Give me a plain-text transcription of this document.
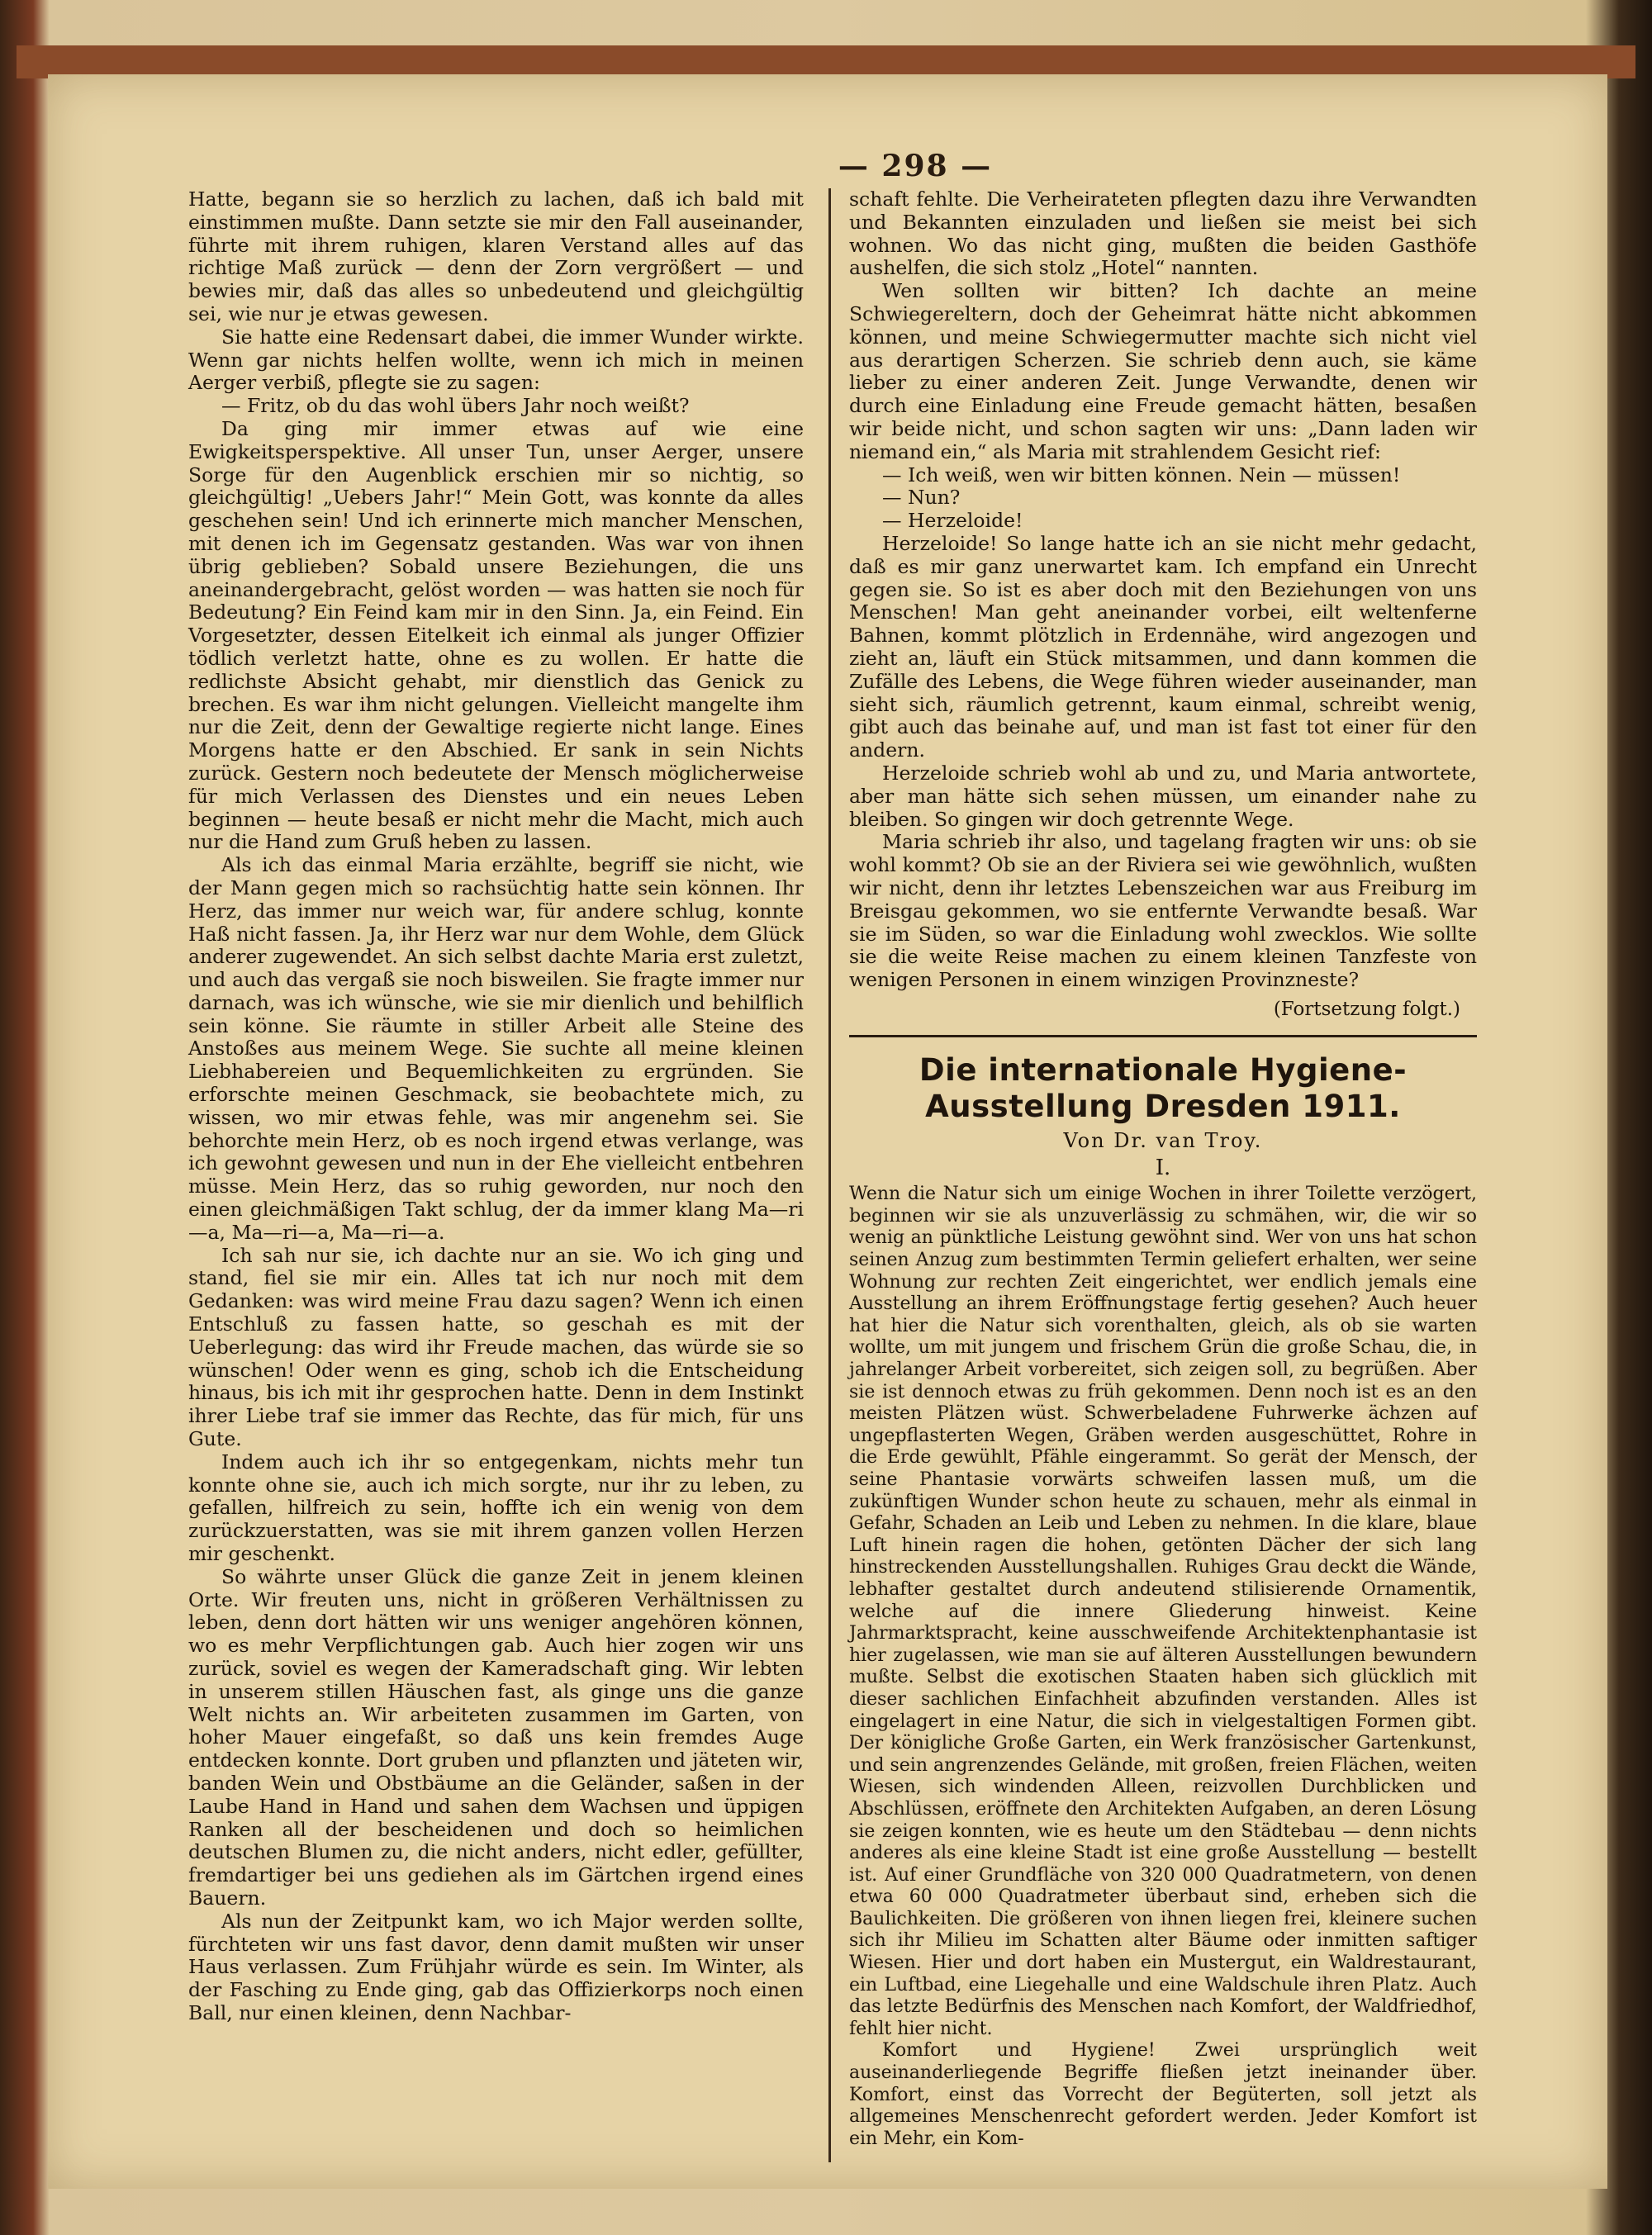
— 298 —

Hatte, begann sie so herzlich zu lachen, daß ich bald mit einstimmen mußte. Dann setzte sie mir den Fall auseinander, führte mit ihrem ruhigen, klaren Verstand alles auf das richtige Maß zurück — denn der Zorn vergrößert — und bewies mir, daß das alles so unbedeutend und gleichgültig sei, wie nur je etwas gewesen.

Sie hatte eine Redensart dabei, die immer Wunder wirkte. Wenn gar nichts helfen wollte, wenn ich mich in meinen Aerger verbiß, pflegte sie zu sagen:

— Fritz, ob du das wohl übers Jahr noch weißt?

Da ging mir immer etwas auf wie eine Ewigkeitsperspektive. All unser Tun, unser Aerger, unsere Sorge für den Augenblick erschien mir so nichtig, so gleichgültig! „Uebers Jahr!“ Mein Gott, was konnte da alles geschehen sein! Und ich erinnerte mich mancher Menschen, mit denen ich im Gegensatz gestanden. Was war von ihnen übrig geblieben? Sobald unsere Beziehungen, die uns aneinandergebracht, gelöst worden — was hatten sie noch für Bedeutung? Ein Feind kam mir in den Sinn. Ja, ein Feind. Ein Vorgesetzter, dessen Eitelkeit ich einmal als junger Offizier tödlich verletzt hatte, ohne es zu wollen. Er hatte die redlichste Absicht gehabt, mir dienstlich das Genick zu brechen. Es war ihm nicht gelungen. Vielleicht mangelte ihm nur die Zeit, denn der Gewaltige regierte nicht lange. Eines Morgens hatte er den Abschied. Er sank in sein Nichts zurück. Gestern noch bedeutete der Mensch möglicherweise für mich Verlassen des Dienstes und ein neues Leben beginnen — heute besaß er nicht mehr die Macht, mich auch nur die Hand zum Gruß heben zu lassen.

Als ich das einmal Maria erzählte, begriff sie nicht, wie der Mann gegen mich so rachsüchtig hatte sein können. Ihr Herz, das immer nur weich war, für andere schlug, konnte Haß nicht fassen. Ja, ihr Herz war nur dem Wohle, dem Glück anderer zugewendet. An sich selbst dachte Maria erst zuletzt, und auch das vergaß sie noch bisweilen. Sie fragte immer nur darnach, was ich wünsche, wie sie mir dienlich und behilflich sein könne. Sie räumte in stiller Arbeit alle Steine des Anstoßes aus meinem Wege. Sie suchte all meine kleinen Liebhabereien und Bequemlichkeiten zu ergründen. Sie erforschte meinen Geschmack, sie beobachtete mich, zu wissen, wo mir etwas fehle, was mir angenehm sei. Sie behorchte mein Herz, ob es noch irgend etwas verlange, was ich gewohnt gewesen und nun in der Ehe vielleicht entbehren müsse. Mein Herz, das so ruhig geworden, nur noch den einen gleichmäßigen Takt schlug, der da immer klang Ma—ri—a, Ma—ri—a, Ma—ri—a.

Ich sah nur sie, ich dachte nur an sie. Wo ich ging und stand, fiel sie mir ein. Alles tat ich nur noch mit dem Gedanken: was wird meine Frau dazu sagen? Wenn ich einen Entschluß zu fassen hatte, so geschah es mit der Ueberlegung: das wird ihr Freude machen, das würde sie so wünschen! Oder wenn es ging, schob ich die Entscheidung hinaus, bis ich mit ihr gesprochen hatte. Denn in dem Instinkt ihrer Liebe traf sie immer das Rechte, das für mich, für uns Gute.

Indem auch ich ihr so entgegenkam, nichts mehr tun konnte ohne sie, auch ich mich sorgte, nur ihr zu leben, zu gefallen, hilfreich zu sein, hoffte ich ein wenig von dem zurückzuerstatten, was sie mit ihrem ganzen vollen Herzen mir geschenkt.

So währte unser Glück die ganze Zeit in jenem kleinen Orte. Wir freuten uns, nicht in größeren Verhältnissen zu leben, denn dort hätten wir uns weniger angehören können, wo es mehr Verpflichtungen gab. Auch hier zogen wir uns zurück, soviel es wegen der Kameradschaft ging. Wir lebten in unserem stillen Häuschen fast, als ginge uns die ganze Welt nichts an. Wir arbeiteten zusammen im Garten, von hoher Mauer eingefaßt, so daß uns kein fremdes Auge entdecken konnte. Dort gruben und pflanzten und jäteten wir, banden Wein und Obstbäume an die Geländer, saßen in der Laube Hand in Hand und sahen dem Wachsen und üppigen Ranken all der bescheidenen und doch so heimlichen deutschen Blumen zu, die nicht anders, nicht edler, gefüllter, fremdartiger bei uns gediehen als im Gärtchen irgend eines Bauern.

Als nun der Zeitpunkt kam, wo ich Major werden sollte, fürchteten wir uns fast davor, denn damit mußten wir unser Haus verlassen. Zum Frühjahr würde es sein. Im Winter, als der Fasching zu Ende ging, gab das Offizierkorps noch einen Ball, nur einen kleinen, denn Nachbar-

schaft fehlte. Die Verheirateten pflegten dazu ihre Verwandten und Bekannten einzuladen und ließen sie meist bei sich wohnen. Wo das nicht ging, mußten die beiden Gasthöfe aushelfen, die sich stolz „Hotel“ nannten.

Wen sollten wir bitten? Ich dachte an meine Schwiegereltern, doch der Geheimrat hätte nicht abkommen können, und meine Schwiegermutter machte sich nicht viel aus derartigen Scherzen. Sie schrieb denn auch, sie käme lieber zu einer anderen Zeit. Junge Verwandte, denen wir durch eine Einladung eine Freude gemacht hätten, besaßen wir beide nicht, und schon sagten wir uns: „Dann laden wir niemand ein,“ als Maria mit strahlendem Gesicht rief:

— Ich weiß, wen wir bitten können. Nein — müssen!

— Nun?

— Herzeloide!

Herzeloide! So lange hatte ich an sie nicht mehr gedacht, daß es mir ganz unerwartet kam. Ich empfand ein Unrecht gegen sie. So ist es aber doch mit den Beziehungen von uns Menschen! Man geht aneinander vorbei, eilt weltenferne Bahnen, kommt plötzlich in Erdennähe, wird angezogen und zieht an, läuft ein Stück mitsammen, und dann kommen die Zufälle des Lebens, die Wege führen wieder auseinander, man sieht sich, räumlich getrennt, kaum einmal, schreibt wenig, gibt auch das beinahe auf, und man ist fast tot einer für den andern.

Herzeloide schrieb wohl ab und zu, und Maria antwortete, aber man hätte sich sehen müssen, um einander nahe zu bleiben. So gingen wir doch getrennte Wege.

Maria schrieb ihr also, und tagelang fragten wir uns: ob sie wohl kommt? Ob sie an der Riviera sei wie gewöhnlich, wußten wir nicht, denn ihr letztes Lebenszeichen war aus Freiburg im Breisgau gekommen, wo sie entfernte Verwandte besaß. War sie im Süden, so war die Einladung wohl zwecklos. Wie sollte sie die weite Reise machen zu einem kleinen Tanzfeste von wenigen Personen in einem winzigen Provinzneste?

(Fortsetzung folgt.)
Die internationale Hygiene-Ausstellung Dresden 1911.
Von Dr. van Troy.
I.

Wenn die Natur sich um einige Wochen in ihrer Toilette verzögert, beginnen wir sie als unzuverlässig zu schmähen, wir, die wir so wenig an pünktliche Leistung gewöhnt sind. Wer von uns hat schon seinen Anzug zum bestimmten Termin geliefert erhalten, wer seine Wohnung zur rechten Zeit eingerichtet, wer endlich jemals eine Ausstellung an ihrem Eröffnungstage fertig gesehen? Auch heuer hat hier die Natur sich vorenthalten, gleich, als ob sie warten wollte, um mit jungem und frischem Grün die große Schau, die, in jahrelanger Arbeit vorbereitet, sich zeigen soll, zu begrüßen. Aber sie ist dennoch etwas zu früh gekommen. Denn noch ist es an den meisten Plätzen wüst. Schwerbeladene Fuhrwerke ächzen auf ungepflasterten Wegen, Gräben werden ausgeschüttet, Rohre in die Erde gewühlt, Pfähle eingerammt. So gerät der Mensch, der seine Phantasie vorwärts schweifen lassen muß, um die zukünftigen Wunder schon heute zu schauen, mehr als einmal in Gefahr, Schaden an Leib und Leben zu nehmen. In die klare, blaue Luft hinein ragen die hohen, getönten Dächer der sich lang hinstreckenden Ausstellungshallen. Ruhiges Grau deckt die Wände, lebhafter gestaltet durch andeutend stilisierende Ornamentik, welche auf die innere Gliederung hinweist. Keine Jahrmarktspracht, keine ausschweifende Architektenphantasie ist hier zugelassen, wie man sie auf älteren Ausstellungen bewundern mußte. Selbst die exotischen Staaten haben sich glücklich mit dieser sachlichen Einfachheit abzufinden verstanden. Alles ist eingelagert in eine Natur, die sich in vielgestaltigen Formen gibt. Der königliche Große Garten, ein Werk französischer Gartenkunst, und sein angrenzendes Gelände, mit großen, freien Flächen, weiten Wiesen, sich windenden Alleen, reizvollen Durchblicken und Abschlüssen, eröffnete den Architekten Aufgaben, an deren Lösung sie zeigen konnten, wie es heute um den Städtebau — denn nichts anderes als eine kleine Stadt ist eine große Ausstellung — bestellt ist. Auf einer Grundfläche von 320 000 Quadratmetern, von denen etwa 60 000 Quadratmeter überbaut sind, erheben sich die Baulichkeiten. Die größeren von ihnen liegen frei, kleinere suchen sich ihr Milieu im Schatten alter Bäume oder inmitten saftiger Wiesen. Hier und dort haben ein Mustergut, ein Waldrestaurant, ein Luftbad, eine Liegehalle und eine Waldschule ihren Platz. Auch das letzte Bedürfnis des Menschen nach Komfort, der Waldfriedhof, fehlt hier nicht.

Komfort und Hygiene! Zwei ursprünglich weit auseinanderliegende Begriffe fließen jetzt ineinander über. Komfort, einst das Vorrecht der Begüterten, soll jetzt als allgemeines Menschenrecht gefordert werden. Jeder Komfort ist ein Mehr, ein Kom-
